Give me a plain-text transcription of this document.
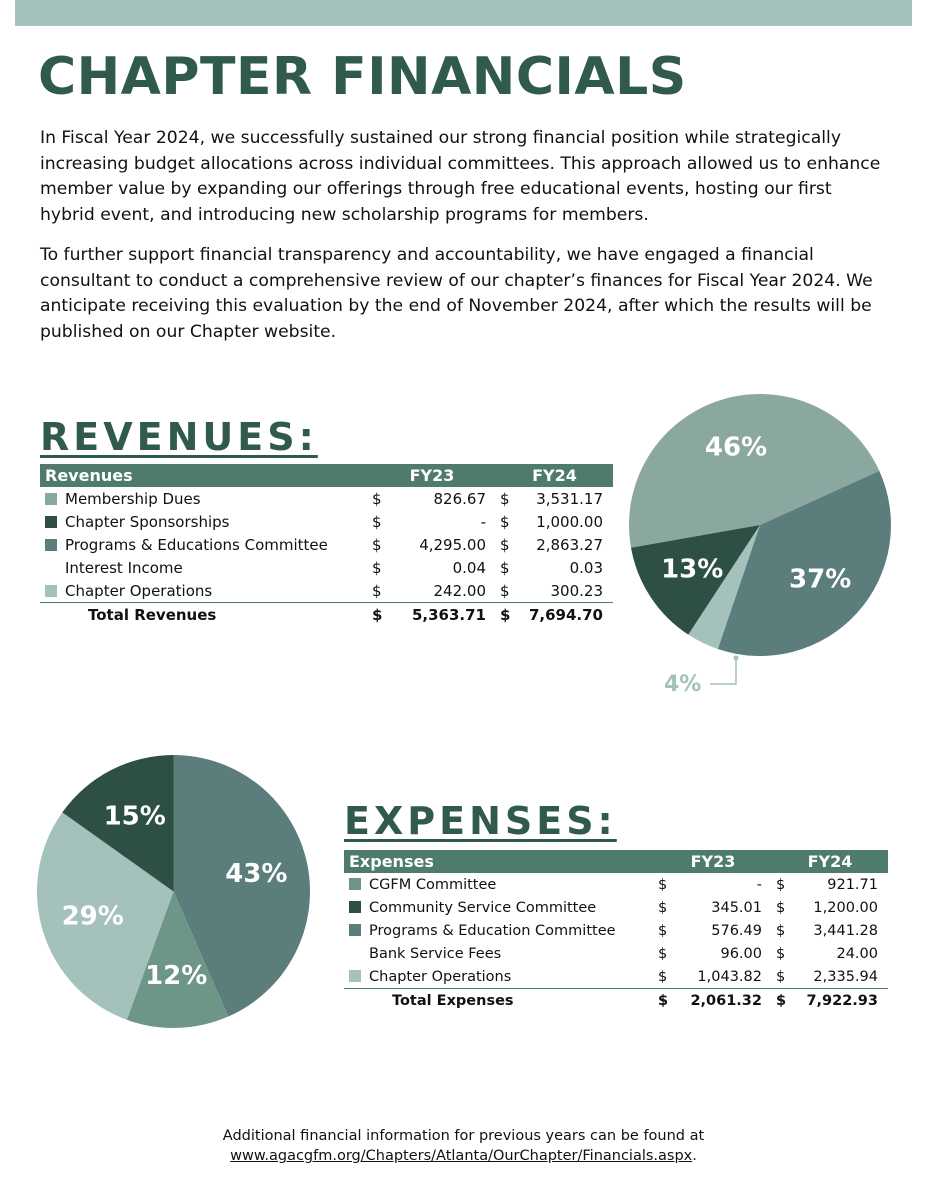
CHAPTER FINANCIALS

In Fiscal Year 2024, we successfully sustained our strong financial position while strategically increasing budget allocations across individual committees. This approach allowed us to enhance member value by expanding our offerings through free educational events, hosting our first hybrid event, and introducing new scholarship programs for members.

To further support financial transparency and accountability, we have engaged a financial consultant to conduct a comprehensive review of our chapter’s finances for Fiscal Year 2024. We anticipate receiving this evaluation by the end of November 2024, after which the results will be published on our Chapter website.

REVENUES:
Revenues	FY23		FY24	
Membership Dues	$	826.67	$	3,531.17
Chapter Sponsorships	$	-	$	1,000.00
Programs & Educations Committee	$	4,295.00	$	2,863.27
Interest Income	$	0.04	$	0.03
Chapter Operations	$	242.00	$	300.23
Total Revenues	$	5,363.71	$	7,694.70
EXPENSES:
Expenses	FY23		FY24	
CGFM Committee	$	-	$	921.71
Community Service Committee	$	345.01	$	1,200.00
Programs & Education Committee	$	576.49	$	3,441.28
Bank Service Fees	$	96.00	$	24.00
Chapter Operations	$	1,043.82	$	2,335.94
Total Expenses	$	2,061.32	$	7,922.93
46%
37%
13%
4%
43%
12%
29%
15%
Additional financial information for previous years can be found at
www.agacgfm.org/Chapters/Atlanta/OurChapter/Financials.aspx.
